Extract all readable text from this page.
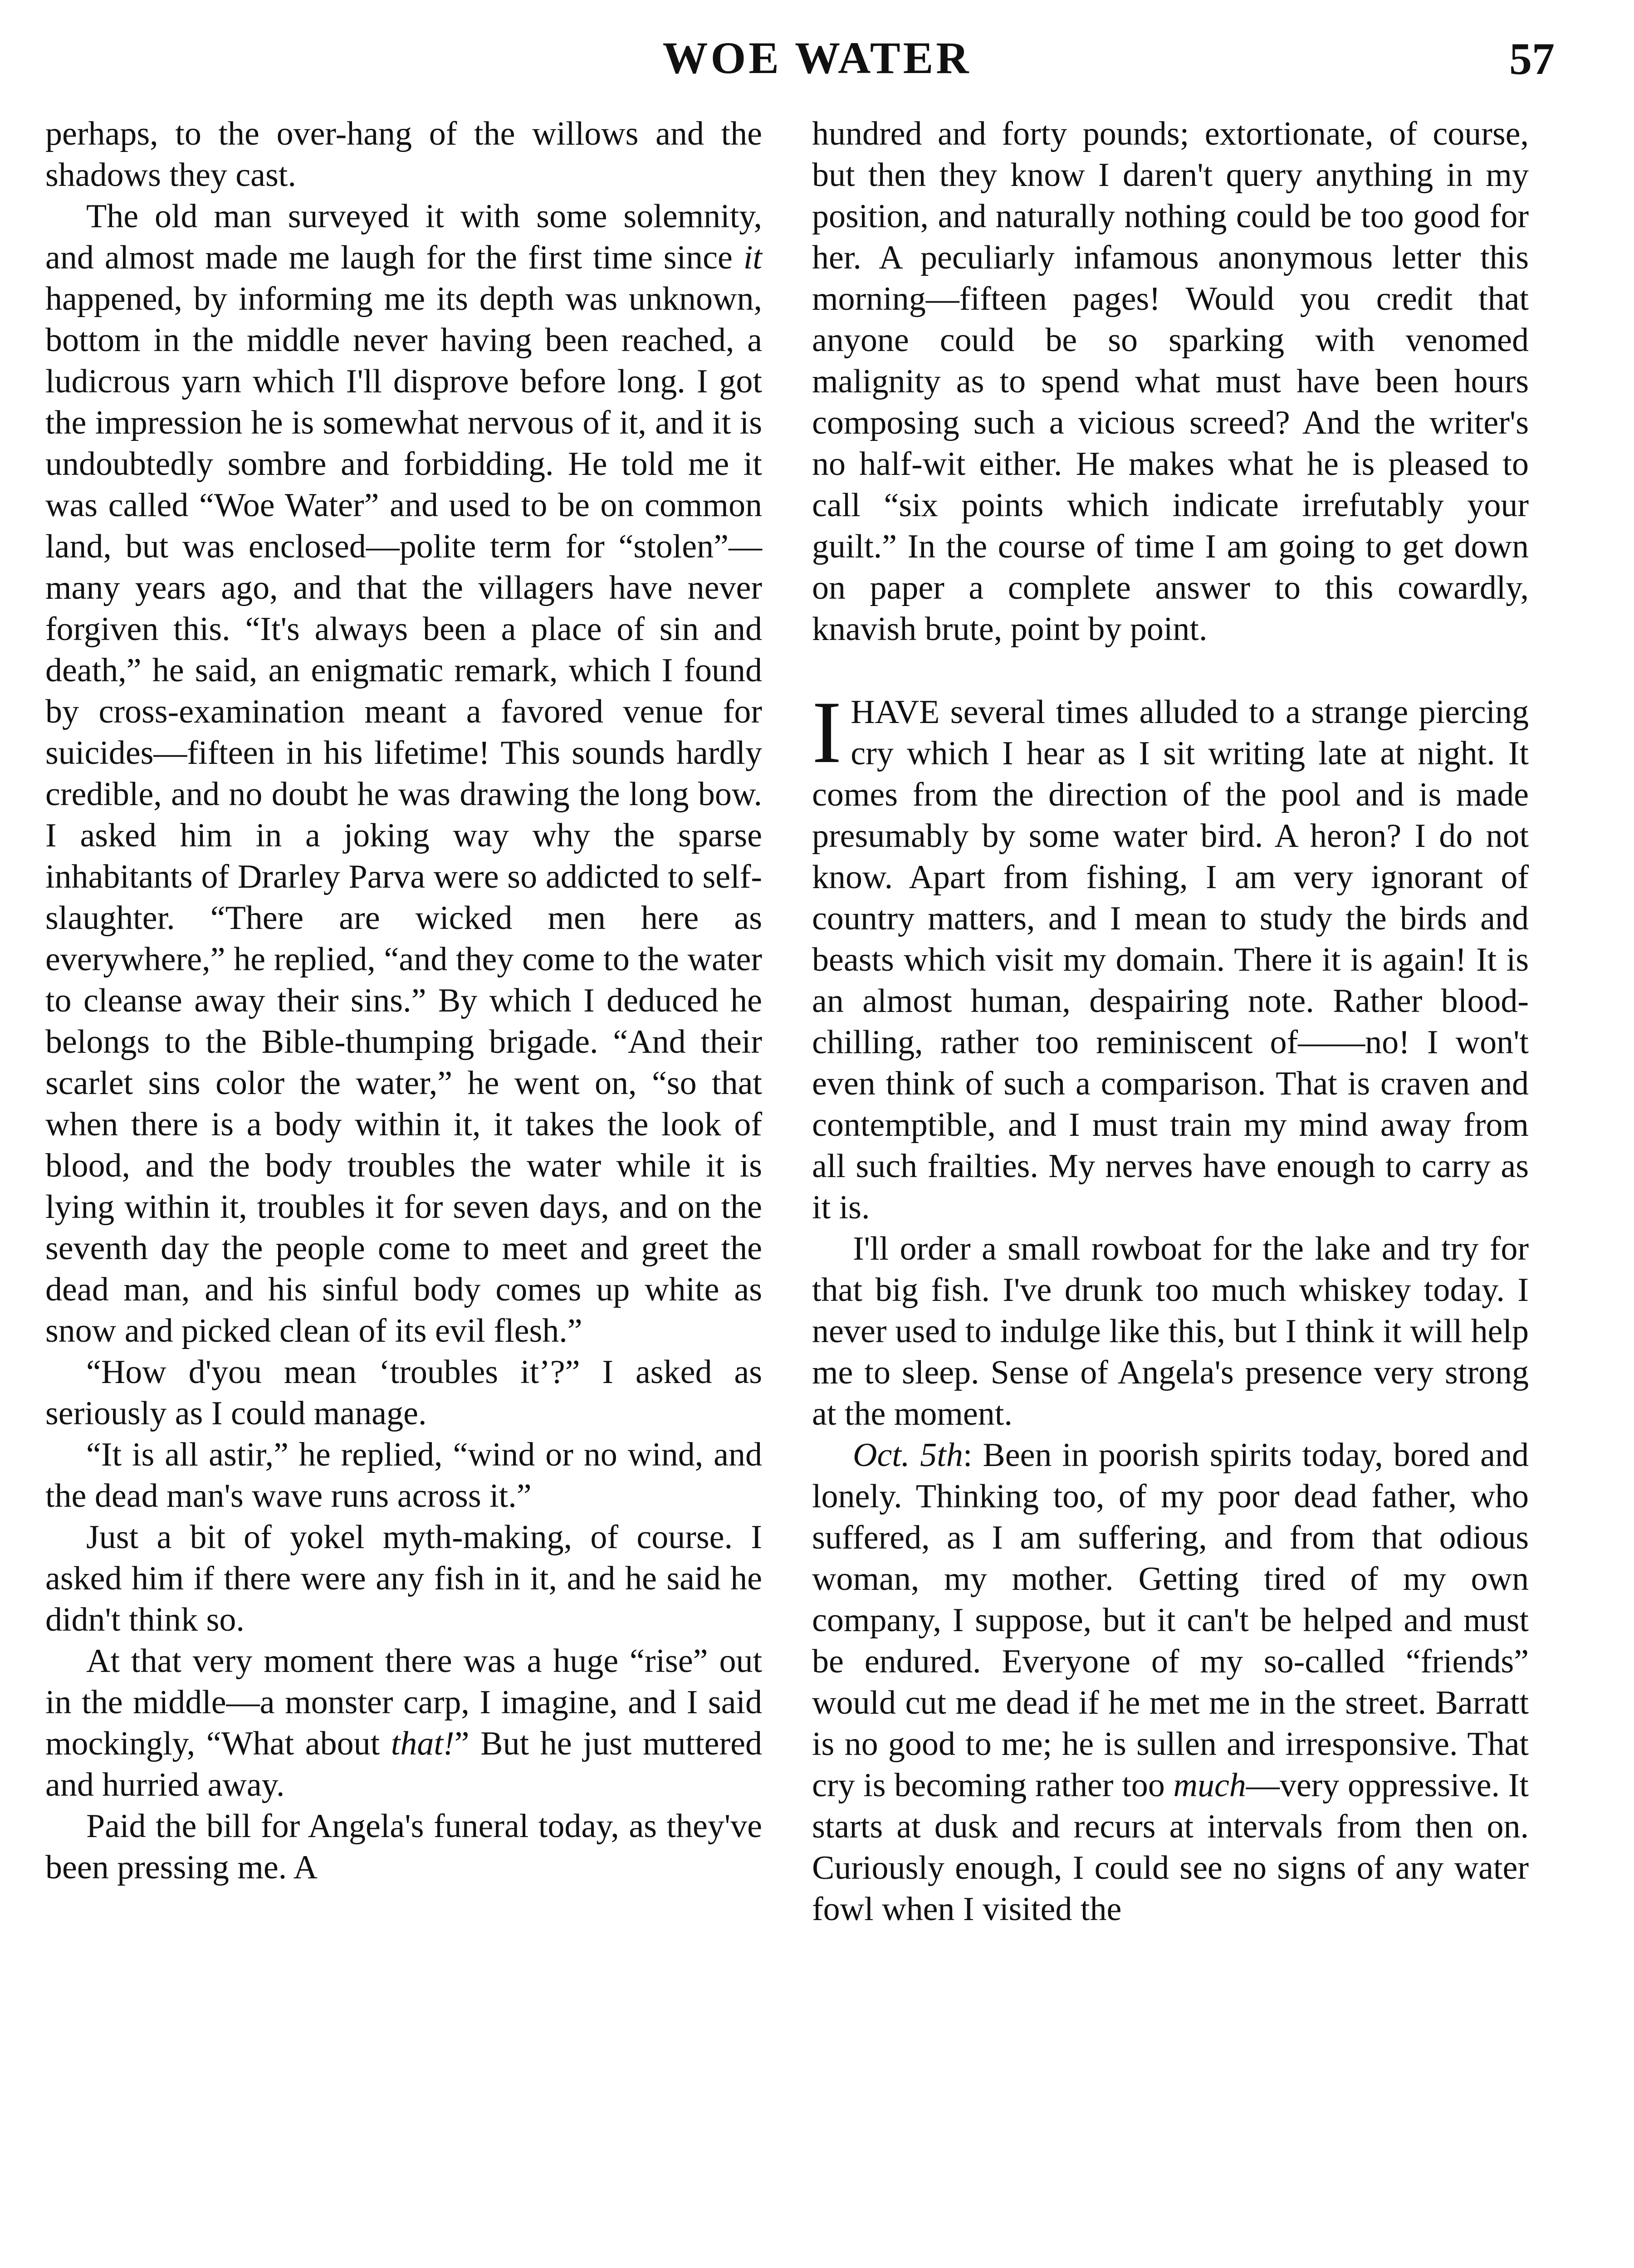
WOE WATER	57

perhaps, to the over-hang of the willows and the shadows they cast.

The old man surveyed it with some solemnity, and almost made me laugh for the first time since it happened, by informing me its depth was unknown, bottom in the middle never having been reached, a ludicrous yarn which I'll disprove before long. I got the impression he is somewhat nervous of it, and it is undoubtedly sombre and forbidding. He told me it was called “Woe Water” and used to be on common land, but was enclosed—polite term for “stolen”—many years ago, and that the villagers have never forgiven this. “It's always been a place of sin and death,” he said, an enigmatic remark, which I found by cross-examination meant a favored venue for suicides—fifteen in his lifetime! This sounds hardly credible, and no doubt he was drawing the long bow. I asked him in a joking way why the sparse inhabitants of Drarley Parva were so addicted to self-slaughter. “There are wicked men here as everywhere,” he replied, “and they come to the water to cleanse away their sins.” By which I deduced he belongs to the Bible-thumping brigade. “And their scarlet sins color the water,” he went on, “so that when there is a body within it, it takes the look of blood, and the body troubles the water while it is lying within it, troubles it for seven days, and on the seventh day the people come to meet and greet the dead man, and his sinful body comes up white as snow and picked clean of its evil flesh.”

“How d'you mean ‘troubles it’?” I asked as seriously as I could manage.

“It is all astir,” he replied, “wind or no wind, and the dead man's wave runs across it.”

Just a bit of yokel myth-making, of course. I asked him if there were any fish in it, and he said he didn't think so.

At that very moment there was a huge “rise” out in the middle—a monster carp, I imagine, and I said mockingly, “What about that!” But he just muttered and hurried away.

Paid the bill for Angela's funeral today, as they've been pressing me. A

hundred and forty pounds; extortionate, of course, but then they know I daren't query anything in my position, and naturally nothing could be too good for her. A peculiarly infamous anonymous letter this morning—fifteen pages! Would you credit that anyone could be so sparking with venomed malignity as to spend what must have been hours composing such a vicious screed? And the writer's no half-wit either. He makes what he is pleased to call “six points which indicate irrefutably your guilt.” In the course of time I am going to get down on paper a complete answer to this cowardly, knavish brute, point by point.

IHAVE several times alluded to a strange piercing cry which I hear as I sit writing late at night. It comes from the direction of the pool and is made presumably by some water bird. A heron? I do not know. Apart from fishing, I am very ignorant of country matters, and I mean to study the birds and beasts which visit my domain. There it is again! It is an almost human, despairing note. Rather blood-chilling, rather too reminiscent of——no! I won't even think of such a comparison. That is craven and contemptible, and I must train my mind away from all such frailties. My nerves have enough to carry as it is.

I'll order a small rowboat for the lake and try for that big fish. I've drunk too much whiskey today. I never used to indulge like this, but I think it will help me to sleep. Sense of Angela's presence very strong at the moment.

Oct. 5th: Been in poorish spirits today, bored and lonely. Thinking too, of my poor dead father, who suffered, as I am suffering, and from that odious woman, my mother. Getting tired of my own company, I suppose, but it can't be helped and must be endured. Everyone of my so-called “friends” would cut me dead if he met me in the street. Barratt is no good to me; he is sullen and irresponsive. That cry is becoming rather too much—very oppressive. It starts at dusk and recurs at intervals from then on. Curiously enough, I could see no signs of any water fowl when I visited the
